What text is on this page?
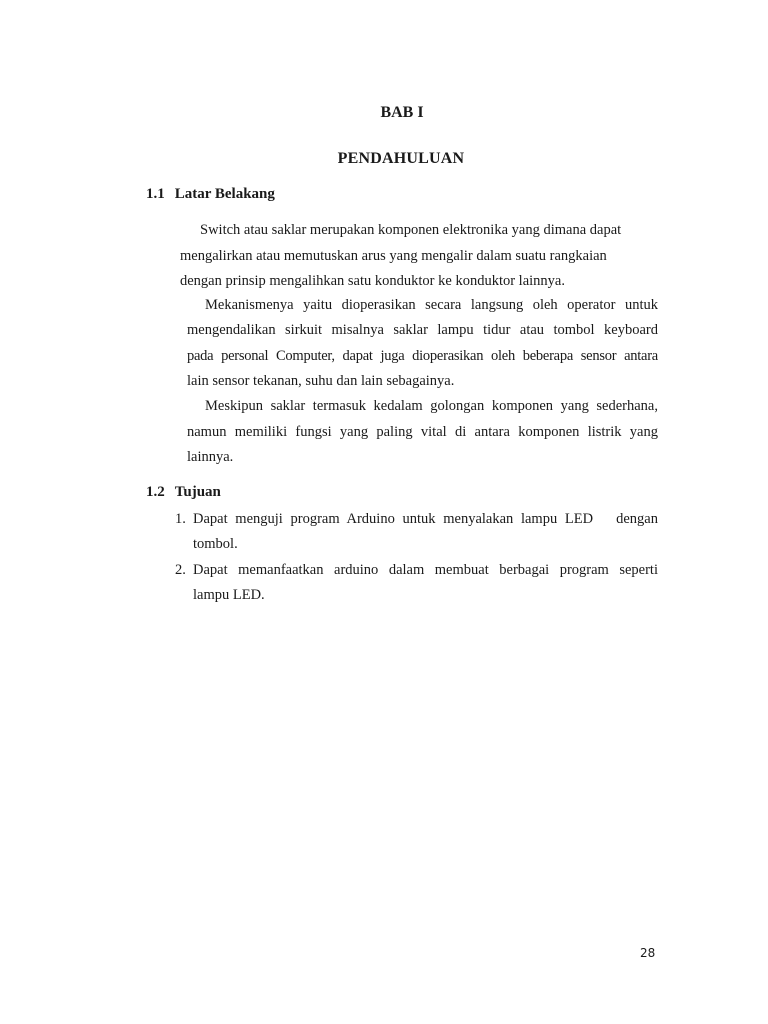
BAB I
PENDAHULUAN
1.1 Latar Belakang
Switch atau saklar merupakan komponen elektronika yang dimana dapat
mengalirkan atau memutuskan arus yang mengalir dalam suatu rangkaian
dengan prinsip mengalihkan satu konduktor ke konduktor lainnya.
Mekanismenya yaitu dioperasikan secara langsung oleh operator untuk
mengendalikan sirkuit misalnya saklar lampu tidur atau tombol keyboard
pada personal Computer, dapat juga dioperasikan oleh beberapa sensor antara
lain sensor tekanan, suhu dan lain sebagainya.
Meskipun saklar termasuk kedalam golongan komponen yang sederhana,
namun memiliki fungsi yang paling vital di antara komponen listrik yang
lainnya.
1.2 Tujuan
1. Dapat menguji program Arduino untuk menyalakan lampu LED   dengan
tombol.
2. Dapat memanfaatkan arduino dalam membuat berbagai program seperti
lampu LED.
28
